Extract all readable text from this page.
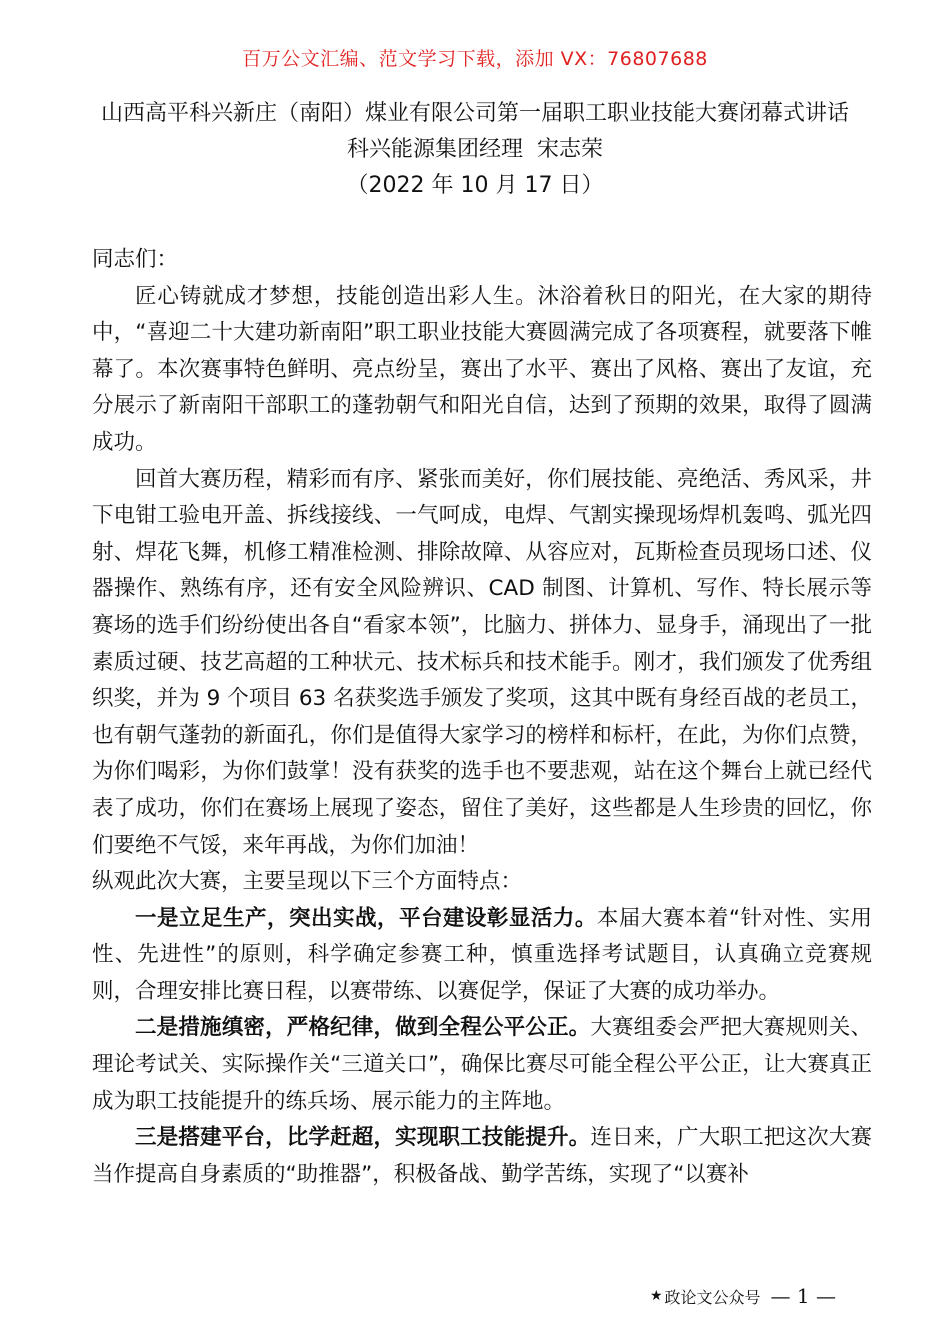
百万公文汇编、范文学习下载，添加 VX：76807688
山西高平科兴新庄（南阳）煤业有限公司第一届职工职业技能大赛闭幕式讲话
科兴能源集团经理  宋志荣
（2022 年 10 月 17 日）

同志们：

匠心铸就成才梦想，技能创造出彩人生。沐浴着秋日的阳光，在大家的期待中，“喜迎二十大建功新南阳”职工职业技能大赛圆满完成了各项赛程，就要落下帷幕了。本次赛事特色鲜明、亮点纷呈，赛出了水平、赛出了风格、赛出了友谊，充分展示了新南阳干部职工的蓬勃朝气和阳光自信，达到了预期的效果，取得了圆满成功。

回首大赛历程，精彩而有序、紧张而美好，你们展技能、亮绝活、秀风采，井下电钳工验电开盖、拆线接线、一气呵成，电焊、气割实操现场焊机轰鸣、弧光四射、焊花飞舞，机修工精准检测、排除故障、从容应对，瓦斯检查员现场口述、仪器操作、熟练有序，还有安全风险辨识、CAD 制图、计算机、写作、特长展示等赛场的选手们纷纷使出各自“看家本领”，比脑力、拼体力、显身手，涌现出了一批素质过硬、技艺高超的工种状元、技术标兵和技术能手。刚才，我们颁发了优秀组织奖，并为 9 个项目 63 名获奖选手颁发了奖项，这其中既有身经百战的老员工，也有朝气蓬勃的新面孔，你们是值得大家学习的榜样和标杆，在此，为你们点赞，为你们喝彩，为你们鼓掌！没有获奖的选手也不要悲观，站在这个舞台上就已经代表了成功，你们在赛场上展现了姿态，留住了美好，这些都是人生珍贵的回忆，你们要绝不气馁，来年再战，为你们加油！

纵观此次大赛，主要呈现以下三个方面特点：

一是立足生产，突出实战，平台建设彰显活力。本届大赛本着“针对性、实用性、先进性”的原则，科学确定参赛工种，慎重选择考试题目，认真确立竞赛规则，合理安排比赛日程，以赛带练、以赛促学，保证了大赛的成功举办。

二是措施缜密，严格纪律，做到全程公平公正。大赛组委会严把大赛规则关、理论考试关、实际操作关“三道关口”，确保比赛尽可能全程公平公正，让大赛真正成为职工技能提升的练兵场、展示能力的主阵地。

三是搭建平台，比学赶超，实现职工技能提升。连日来，广大职工把这次大赛当作提高自身素质的“助推器”，积极备战、勤学苦练，实现了“以赛补

★ 政论文公众号 — 1 —
